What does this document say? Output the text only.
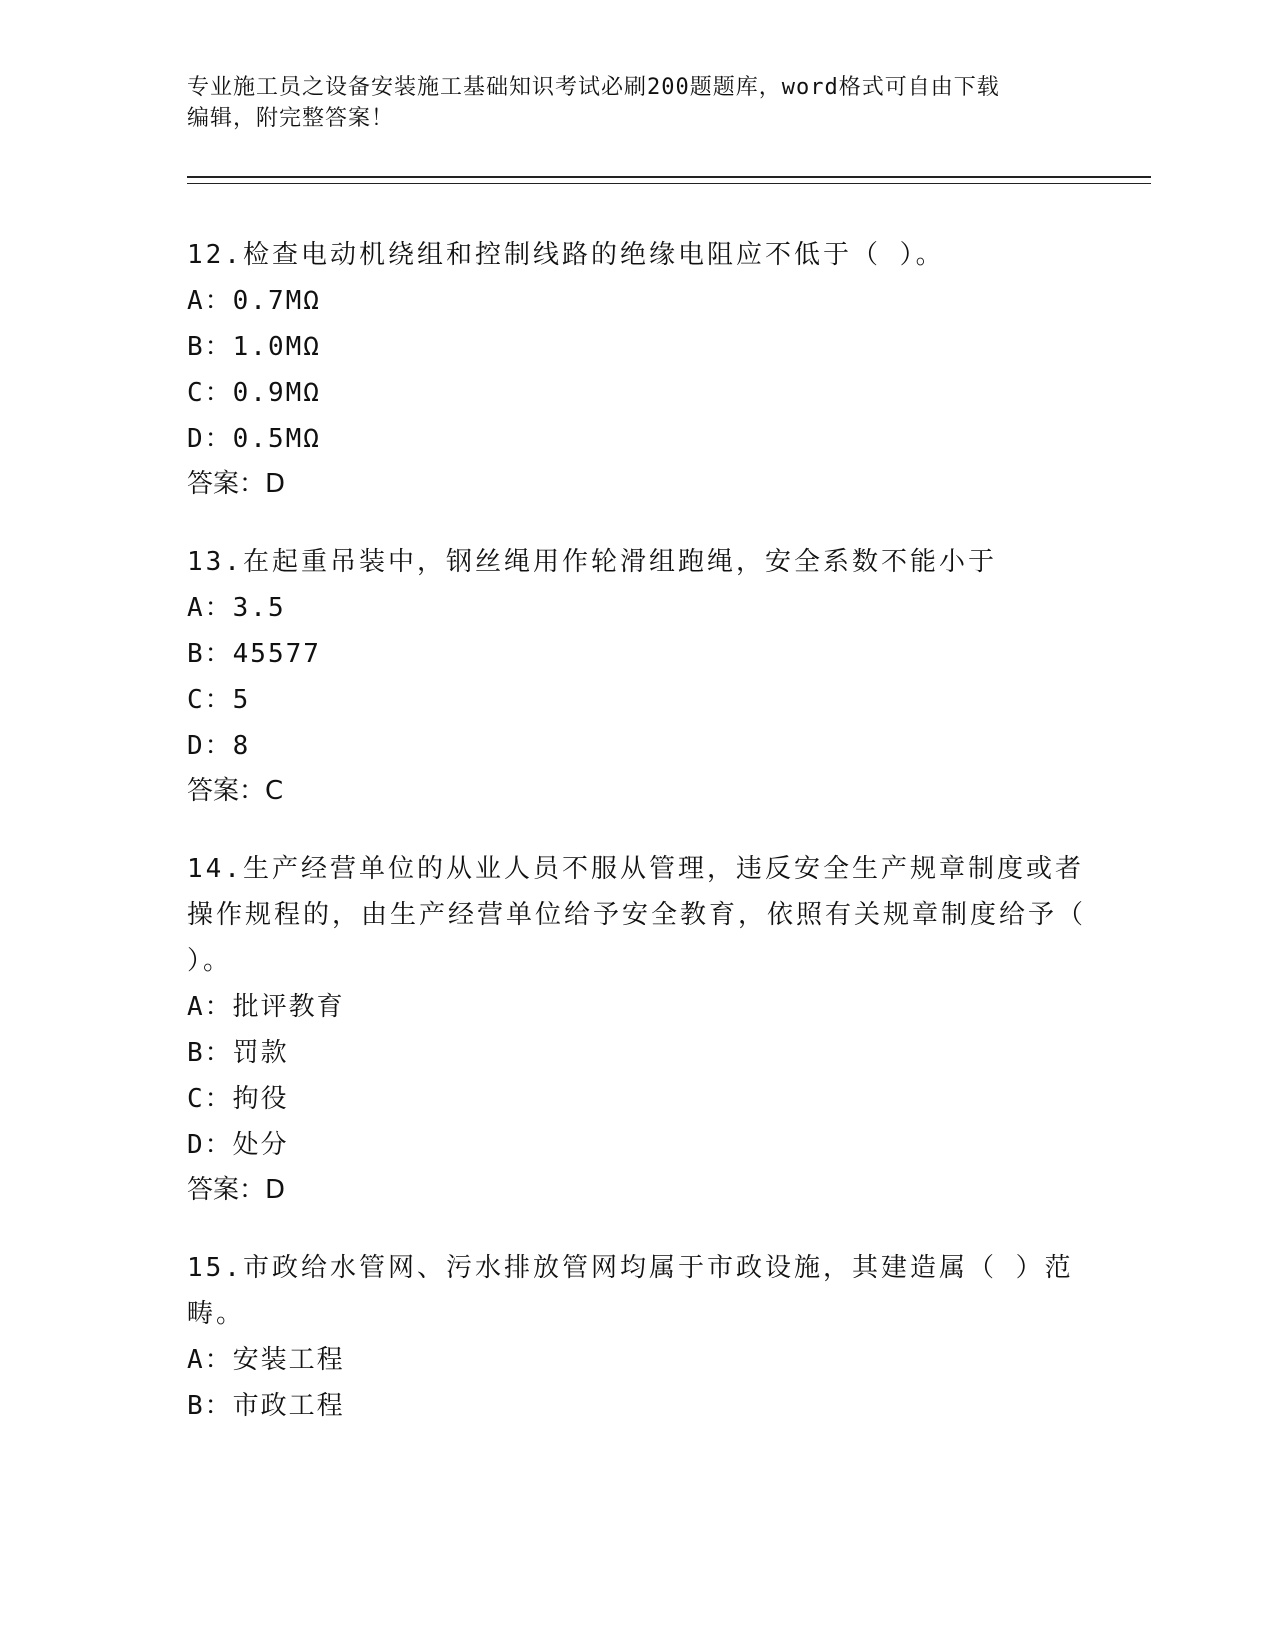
专业施工员之设备安装施工基础知识考试必刷200题题库，word格式可自由下载
编辑，附完整答案！
12.检查电动机绕组和控制线路的绝缘电阻应不低于（ ）。
A：0.7MΩ
B：1.0MΩ
C：0.9MΩ
D：0.5MΩ
答案：D
13.在起重吊装中，钢丝绳用作轮滑组跑绳，安全系数不能小于
A：3.5
B：45577
C：5
D：8
答案：C
14.生产经营单位的从业人员不服从管理，违反安全生产规章制度或者操作规程的，由生产经营单位给予安全教育，依照有关规章制度给予（ ）。
A：批评教育
B：罚款
C：拘役
D：处分
答案：D
15.市政给水管网、污水排放管网均属于市政设施，其建造属（ ）范畴。
A：安装工程
B：市政工程
